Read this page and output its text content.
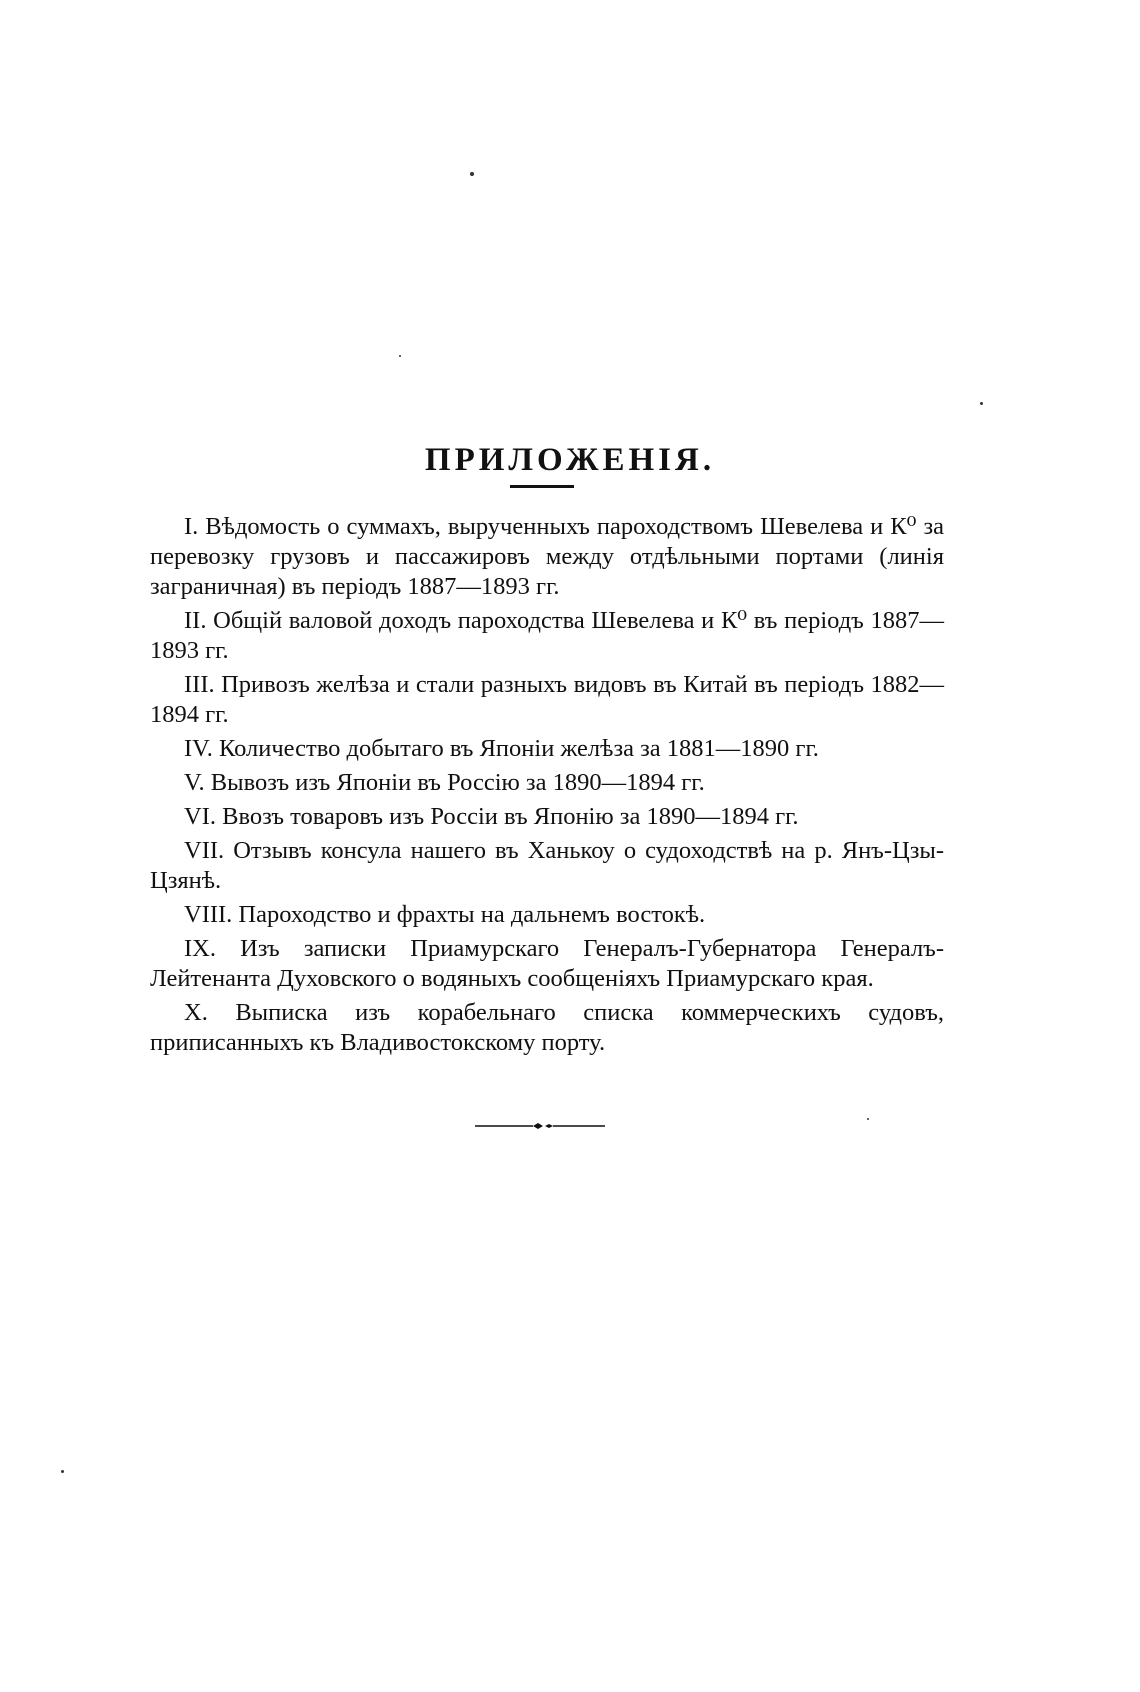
ПРИЛОЖЕНІЯ.

I. Вѣдомость о суммахъ, вырученныхъ пароходствомъ Шевелева и К⁰ за перевозку грузовъ и пассажировъ между отдѣльными портами (линія заграничная) въ періодъ 1887—1893 гг.

II. Общій валовой доходъ пароходства Шевелева и К⁰ въ періодъ 1887—1893 гг.

III. Привозъ желѣза и стали разныхъ видовъ въ Китай въ періодъ 1882—1894 гг.

IV. Количество добытаго въ Японіи желѣза за 1881—1890 гг.

V. Вывозъ изъ Японіи въ Россію за 1890—1894 гг.

VI. Ввозъ товаровъ изъ Россіи въ Японію за 1890—1894 гг.

VII. Отзывъ консула нашего въ Ханькоу о судоходствѣ на р. Янъ-Цзы-Цзянѣ.

VIII. Пароходство и фрахты на дальнемъ востокѣ.

IX. Изъ записки Приамурскаго Генералъ-Губернатора Генералъ-Лейтенанта Духовского о водяныхъ сообщеніяхъ Приамурскаго края.

X. Выписка изъ корабельнаго списка коммерческихъ судовъ, приписанныхъ къ Владивостокскому порту.
